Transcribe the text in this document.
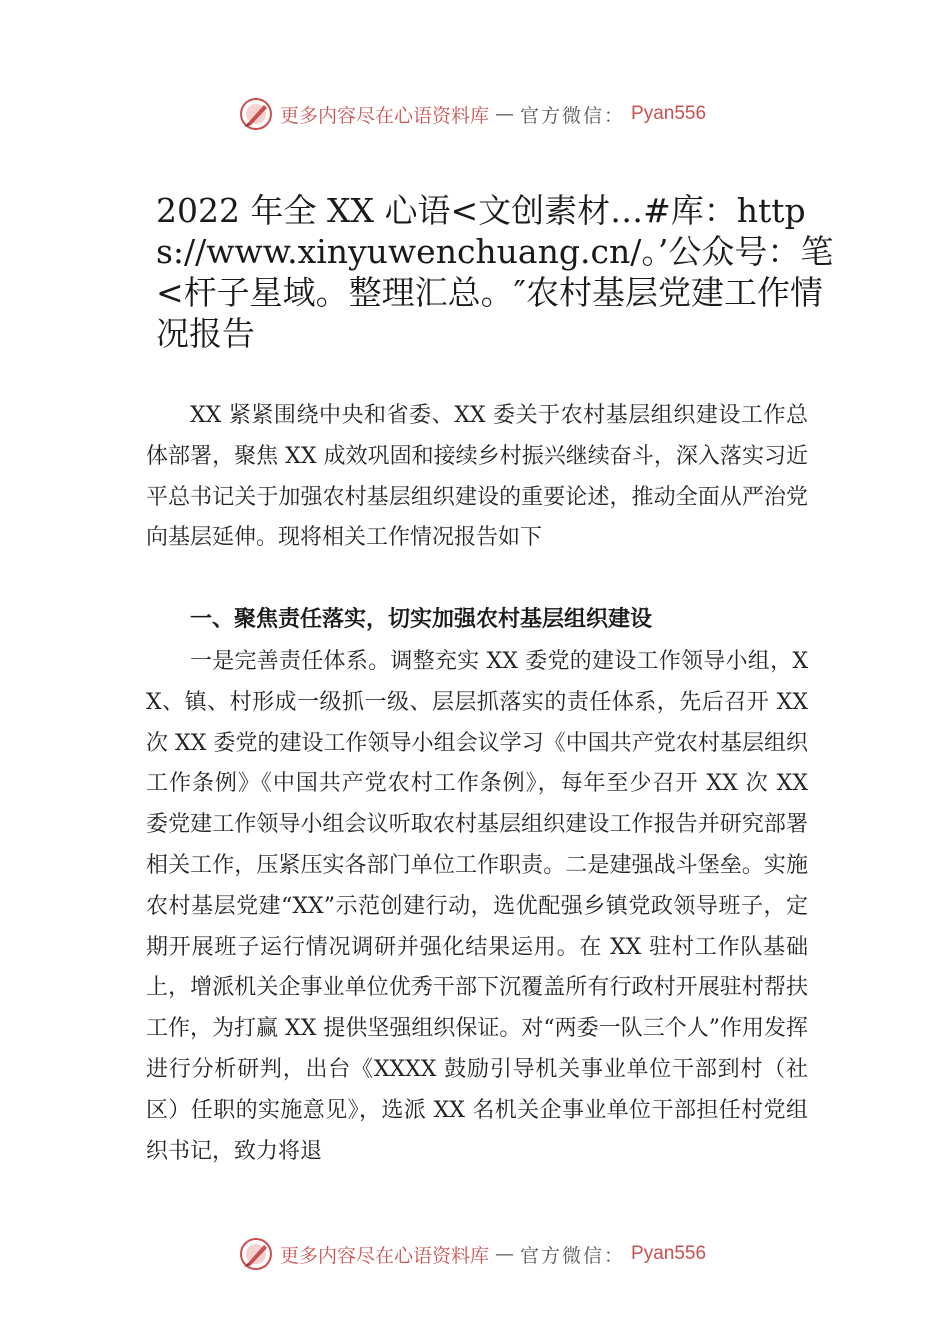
更多内容尽在心语资料库 — 官方微信： Pyan556
2022 年全 XX 心语<文创素材…#库：https://www.xinyuwenchuang.cn/。’公众号：笔<杆子星域。整理汇总。″农村基层党建工作情况报告

XX 紧紧围绕中央和省委、XX 委关于农村基层组织建设工作总体部署，聚焦 XX 成效巩固和接续乡村振兴继续奋斗，深入落实习近平总书记关于加强农村基层组织建设的重要论述，推动全面从严治党向基层延伸。现将相关工作情况报告如下

一、聚焦责任落实，切实加强农村基层组织建设

一是完善责任体系。调整充实 XX 委党的建设工作领导小组，XX、镇、村形成一级抓一级、层层抓落实的责任体系，先后召开 XX 次 XX 委党的建设工作领导小组会议学习《中国共产党农村基层组织工作条例》《中国共产党农村工作条例》，每年至少召开 XX 次 XX 委党建工作领导小组会议听取农村基层组织建设工作报告并研究部署相关工作，压紧压实各部门单位工作职责。二是建强战斗堡垒。实施农村基层党建“XX”示范创建行动，选优配强乡镇党政领导班子，定期开展班子运行情况调研并强化结果运用。在 XX 驻村工作队基础上，增派机关企事业单位优秀干部下沉覆盖所有行政村开展驻村帮扶工作，为打赢 XX 提供坚强组织保证。对“两委一队三个人”作用发挥进行分析研判，出台《XXXX 鼓励引导机关事业单位干部到村（社区）任职的实施意见》，选派 XX 名机关企事业单位干部担任村党组织书记，致力将退

更多内容尽在心语资料库 — 官方微信： Pyan556
